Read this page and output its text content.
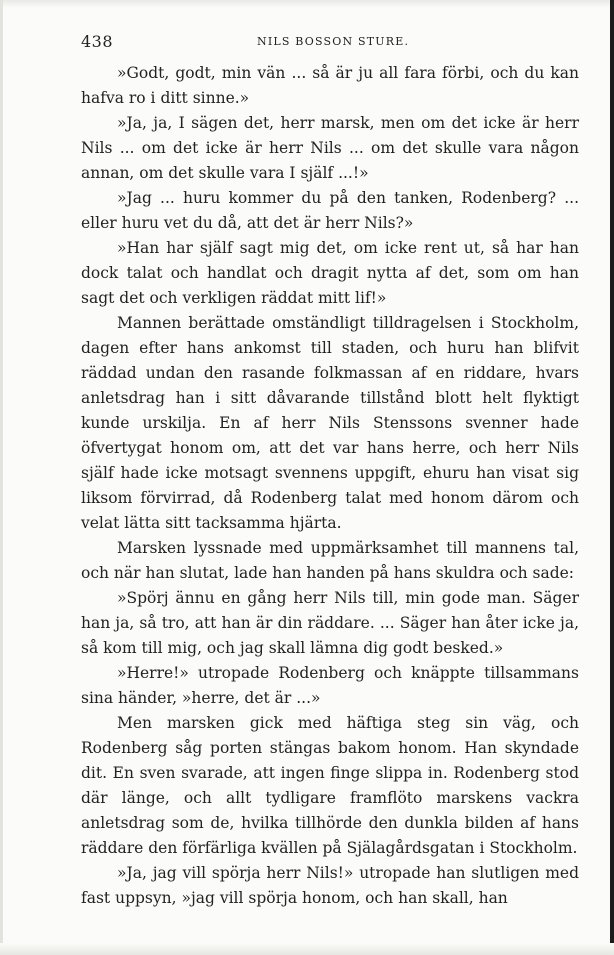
438	NILS BOSSON STURE.

»Godt, godt, min vän ... så är ju all fara förbi, och du kan hafva ro i ditt sinne.»

»Ja, ja, I sägen det, herr marsk, men om det icke är herr Nils ... om det icke är herr Nils ... om det skulle vara någon annan, om det skulle vara I själf ...!»

»Jag ... huru kommer du på den tanken, Rodenberg? ... eller huru vet du då, att det är herr Nils?»

»Han har själf sagt mig det, om icke rent ut, så har han dock talat och handlat och dragit nytta af det, som om han sagt det och verkligen räddat mitt lif!»

Mannen berättade omständligt tilldragelsen i Stockholm, dagen efter hans ankomst till staden, och huru han blifvit räddad undan den rasande folkmassan af en riddare, hvars anletsdrag han i sitt dåvarande tillstånd blott helt flyktigt kunde urskilja. En af herr Nils Stenssons svenner hade öfvertygat honom om, att det var hans herre, och herr Nils själf hade icke motsagt svennens uppgift, ehuru han visat sig liksom förvirrad, då Rodenberg talat med honom därom och velat lätta sitt tacksamma hjärta.

Marsken lyssnade med uppmärksamhet till mannens tal, och när han slutat, lade han handen på hans skuldra och sade:

»Spörj ännu en gång herr Nils till, min gode man. Säger han ja, så tro, att han är din räddare. ... Säger han åter icke ja, så kom till mig, och jag skall lämna dig godt besked.»

»Herre!» utropade Rodenberg och knäppte tillsammans sina händer, »herre, det är ...»

Men marsken gick med häftiga steg sin väg, och Rodenberg såg porten stängas bakom honom. Han skyndade dit. En sven svarade, att ingen finge slippa in. Rodenberg stod där länge, och allt tydligare framflöto marskens vackra anletsdrag som de, hvilka tillhörde den dunkla bilden af hans räddare den förfärliga kvällen på Själagårdsgatan i Stockholm.

»Ja, jag vill spörja herr Nils!» utropade han slutligen med fast uppsyn, »jag vill spörja honom, och han skall, han
